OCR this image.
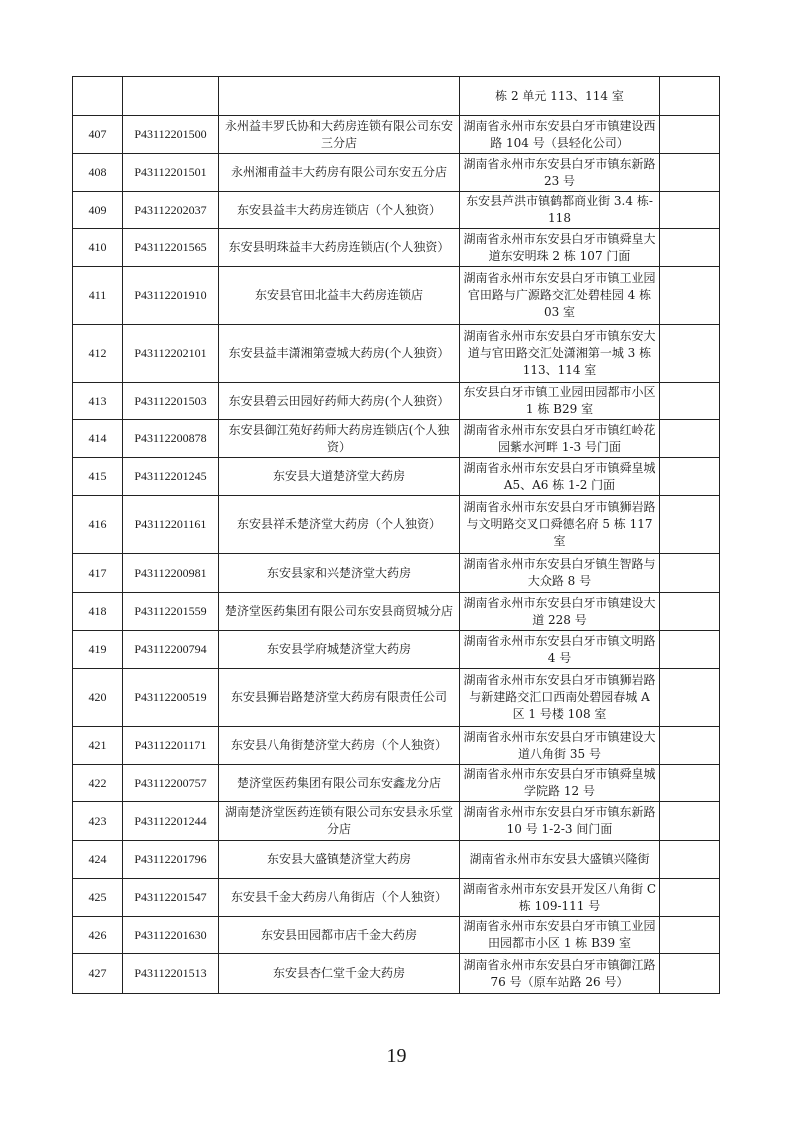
			栋 2 单元 113、114 室	
407	P43112201500	永州益丰罗氏协和大药房连锁有限公司东安三分店	湖南省永州市东安县白牙市镇建设西路 104 号（县轻化公司）	
408	P43112201501	永州湘甫益丰大药房有限公司东安五分店	湖南省永州市东安县白牙市镇东新路 23 号	
409	P43112202037	东安县益丰大药房连锁店（个人独资）	东安县芦洪市镇鹤都商业街 3.4 栋-118	
410	P43112201565	东安县明珠益丰大药房连锁店(个人独资）	湖南省永州市东安县白牙市镇舜皇大道东安明珠 2 栋 107 门面	
411	P43112201910	东安县官田北益丰大药房连锁店	湖南省永州市东安县白牙市镇工业园官田路与广源路交汇处碧桂园 4 栋 03 室	
412	P43112202101	东安县益丰潇湘第壹城大药房(个人独资）	湖南省永州市东安县白牙市镇东安大道与官田路交汇处潇湘第一城 3 栋 113、114 室	
413	P43112201503	东安县碧云田园好药师大药房(个人独资）	东安县白牙市镇工业园田园都市小区 1 栋 B29 室	
414	P43112200878	东安县御江苑好药师大药房连锁店(个人独资）	湖南省永州市东安县白牙市镇红岭花园紫水河畔 1-3 号门面	
415	P43112201245	东安县大道楚济堂大药房	湖南省永州市东安县白牙市镇舜皇城 A5、A6 栋 1-2 门面	
416	P43112201161	东安县祥禾楚济堂大药房（个人独资）	湖南省永州市东安县白牙市镇狮岩路与文明路交叉口舜德名府 5 栋 117 室	
417	P43112200981	东安县家和兴楚济堂大药房	湖南省永州市东安县白牙镇生智路与大众路 8 号	
418	P43112201559	楚济堂医药集团有限公司东安县商贸城分店	湖南省永州市东安县白牙市镇建设大道 228 号	
419	P43112200794	东安县学府城楚济堂大药房	湖南省永州市东安县白牙市镇文明路 4 号	
420	P43112200519	东安县狮岩路楚济堂大药房有限责任公司	湖南省永州市东安县白牙市镇狮岩路与新建路交汇口西南处碧园春城 A 区 1 号楼 108 室	
421	P43112201171	东安县八角街楚济堂大药房（个人独资）	湖南省永州市东安县白牙市镇建设大道八角街 35 号	
422	P43112200757	楚济堂医药集团有限公司东安鑫龙分店	湖南省永州市东安县白牙市镇舜皇城学院路 12 号	
423	P43112201244	湖南楚济堂医药连锁有限公司东安县永乐堂分店	湖南省永州市东安县白牙市镇东新路 10 号 1-2-3 间门面	
424	P43112201796	东安县大盛镇楚济堂大药房	湖南省永州市东安县大盛镇兴隆街	
425	P43112201547	东安县千金大药房八角街店（个人独资）	湖南省永州市东安县开发区八角街 C 栋 109-111 号	
426	P43112201630	东安县田园都市店千金大药房	湖南省永州市东安县白牙市镇工业园田园都市小区 1 栋 B39 室	
427	P43112201513	东安县杏仁堂千金大药房	湖南省永州市东安县白牙市镇御江路 76 号（原车站路 26 号）	
19
